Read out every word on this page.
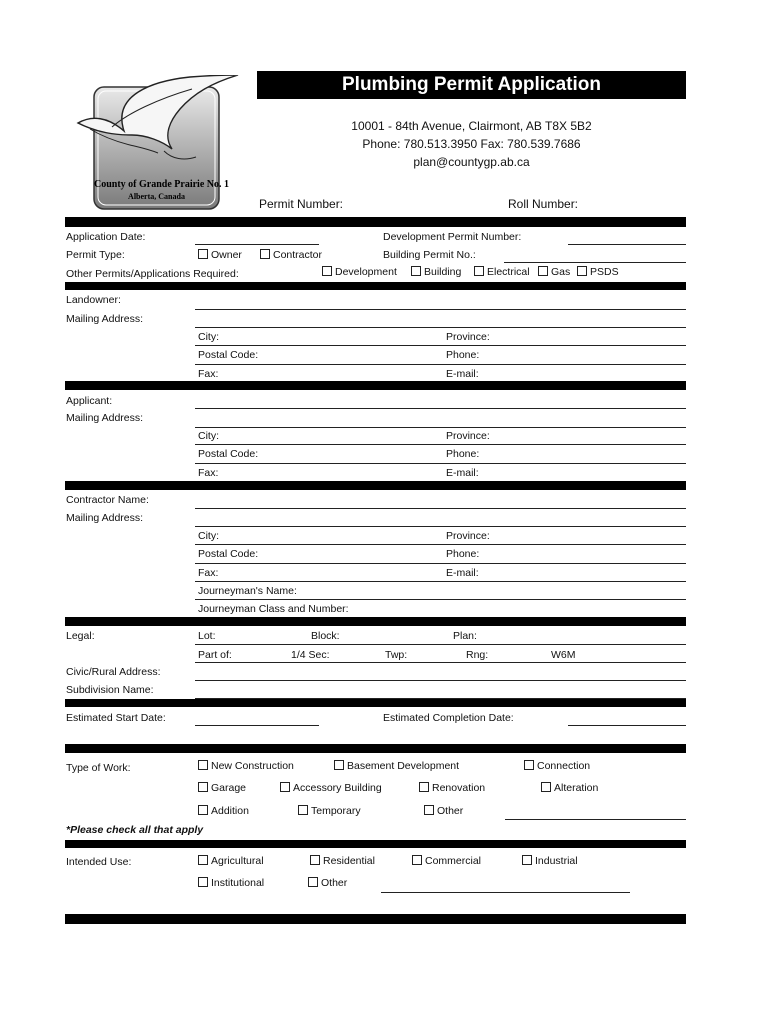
County of Grande Prairie No. 1
Alberta, Canada
Plumbing Permit Application
10001 - 84th Avenue, Clairmont, AB T8X 5B2
Phone: 780.513.3950 Fax: 780.539.7686
plan@countygp.ab.ca
Permit Number:	Roll Number:
Application Date:	Development Permit Number:
Permit Type:	Owner	Contractor	Building Permit No.:
Other Permits/Applications Required:	Development	Building	Electrical	Gas	PSDS
Landowner:
Mailing Address:
City:	Province:
Postal Code:	Phone:
Fax:	E-mail:
Applicant:
Mailing Address:
City:	Province:
Postal Code:	Phone:
Fax:	E-mail:
Contractor Name:
Mailing Address:
City:	Province:
Postal Code:	Phone:
Fax:	E-mail:
Journeyman's Name:
Journeyman Class and Number:
Legal:	Lot:	Block:	Plan:
Part of:	1/4 Sec:	Twp:	Rng:	W6M
Civic/Rural Address:
Subdivision Name:
Estimated Start Date:	Estimated Completion Date:
Type of Work:	New Construction	Basement Development	Connection
Garage	Accessory Building	Renovation	Alteration
Addition	Temporary	Other
*Please check all that apply
Intended Use:	Agricultural	Residential	Commercial	Industrial
Institutional	Other
